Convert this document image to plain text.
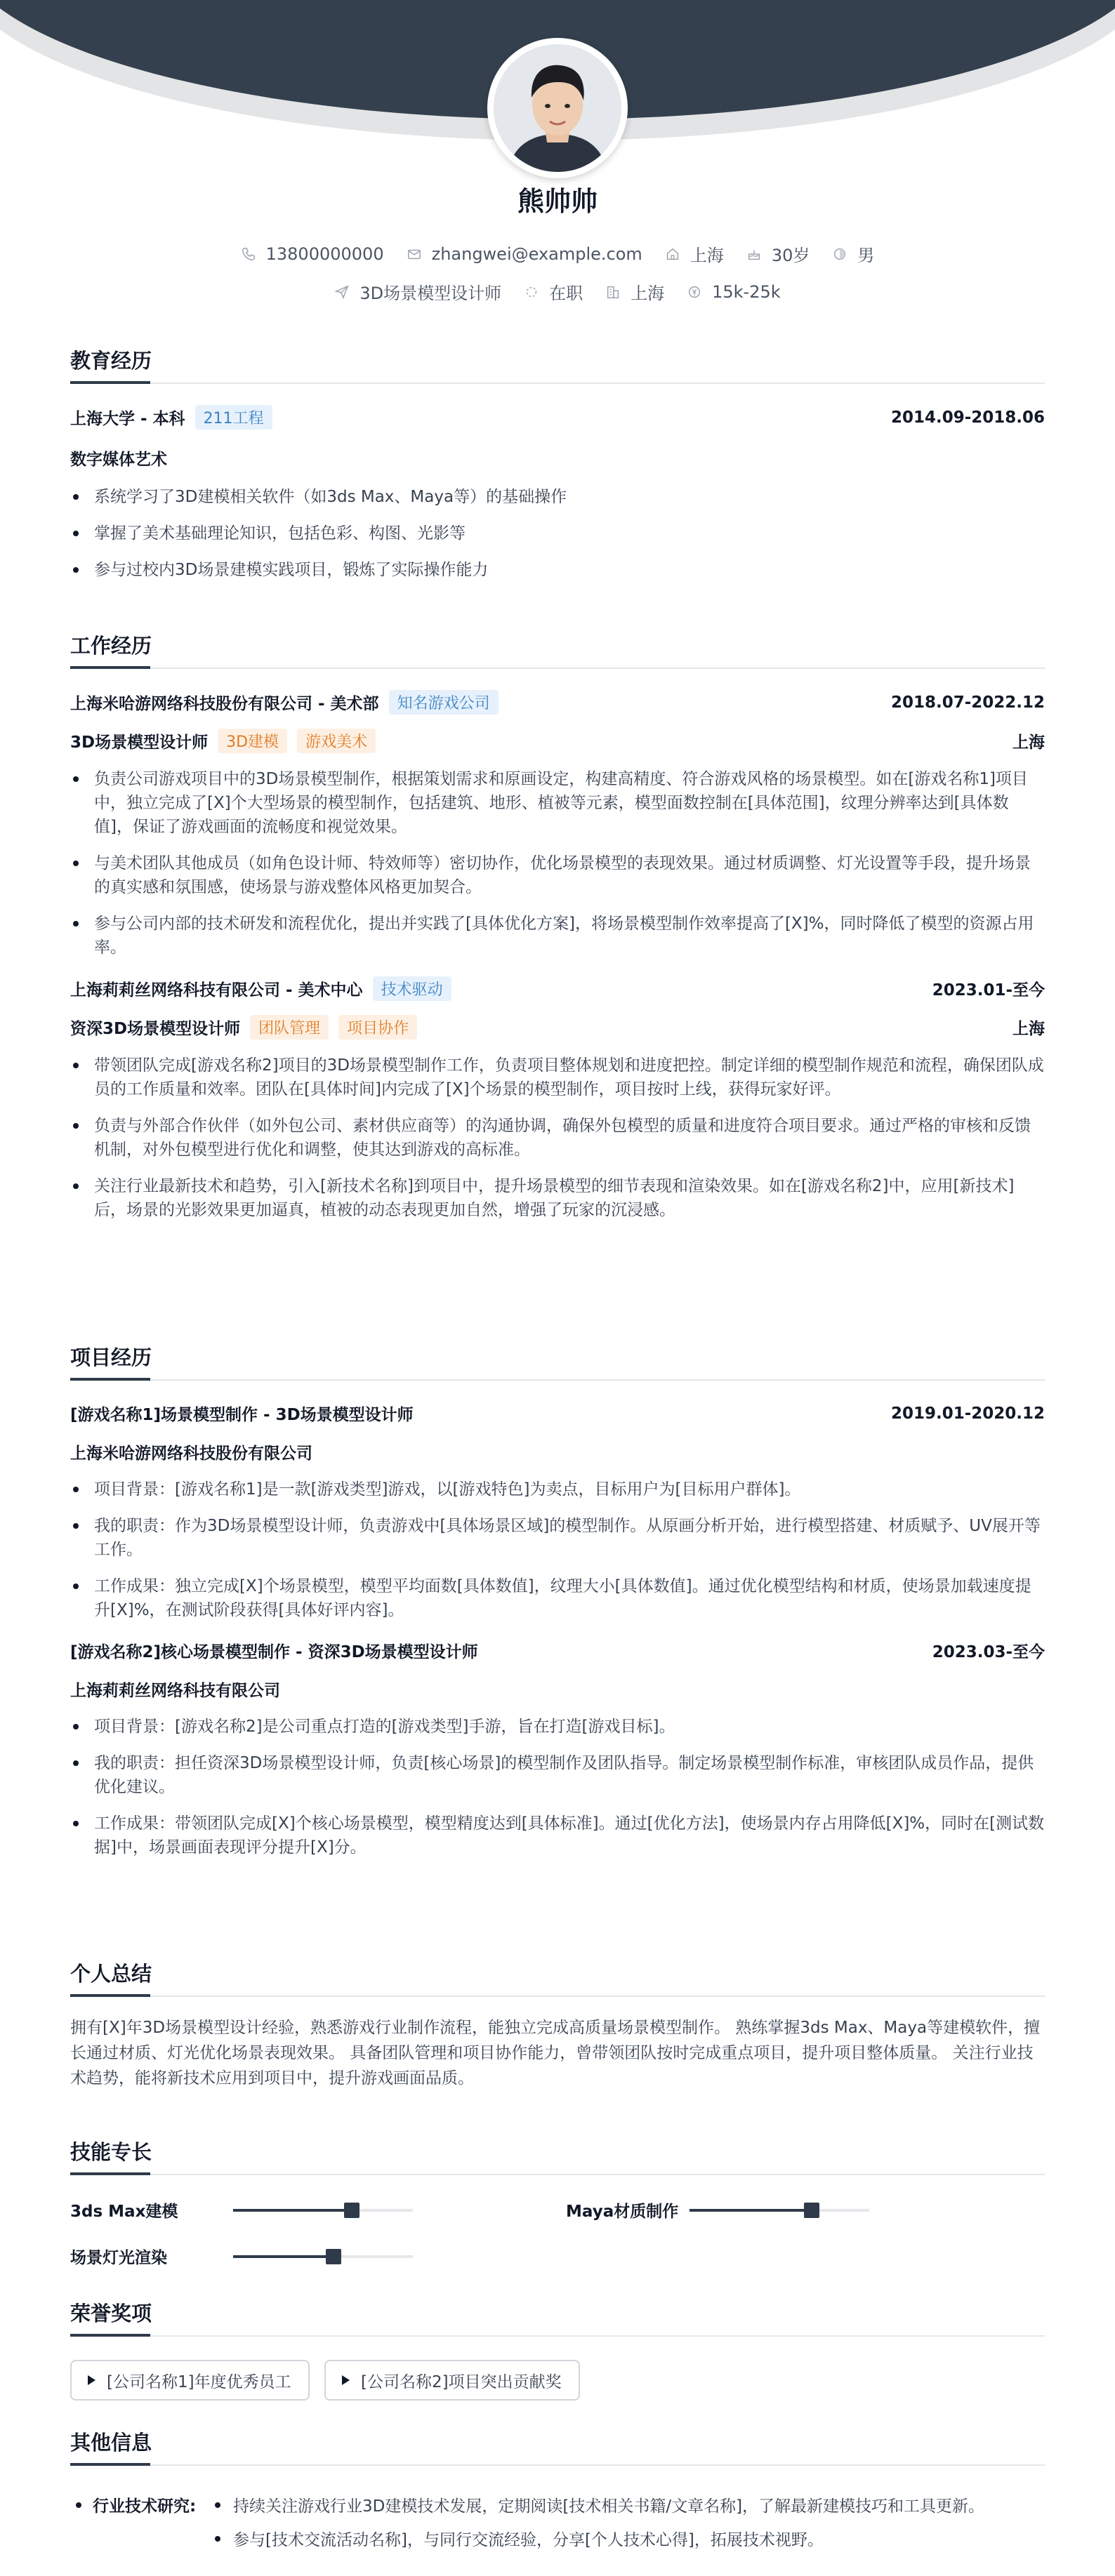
熊帅帅
13800000000	zhangwei@example.com	上海	30岁	男
3D场景模型设计师	在职	上海	15k-25k
教育经历
上海大学 - 本科	211工程	2014.09-2018.06
数字媒体艺术
系统学习了3D建模相关软件（如3ds Max、Maya等）的基础操作
掌握了美术基础理论知识，包括色彩、构图、光影等
参与过校内3D场景建模实践项目，锻炼了实际操作能力
工作经历
上海米哈游网络科技股份有限公司 - 美术部	知名游戏公司	2018.07-2022.12
3D场景模型设计师	3D建模	游戏美术	上海
负责公司游戏项目中的3D场景模型制作，根据策划需求和原画设定，构建高精度、符合游戏风格的场景模型。如在[游戏名称1]项目中，独立完成了[X]个大型场景的模型制作，包括建筑、地形、植被等元素，模型面数控制在[具体范围]，纹理分辨率达到[具体数值]，保证了游戏画面的流畅度和视觉效果。
与美术团队其他成员（如角色设计师、特效师等）密切协作，优化场景模型的表现效果。通过材质调整、灯光设置等手段，提升场景的真实感和氛围感，使场景与游戏整体风格更加契合。
参与公司内部的技术研发和流程优化，提出并实践了[具体优化方案]，将场景模型制作效率提高了[X]%，同时降低了模型的资源占用率。
上海莉莉丝网络科技有限公司 - 美术中心	技术驱动	2023.01-至今
资深3D场景模型设计师	团队管理	项目协作	上海
带领团队完成[游戏名称2]项目的3D场景模型制作工作，负责项目整体规划和进度把控。制定详细的模型制作规范和流程，确保团队成员的工作质量和效率。团队在[具体时间]内完成了[X]个场景的模型制作，项目按时上线，获得玩家好评。
负责与外部合作伙伴（如外包公司、素材供应商等）的沟通协调，确保外包模型的质量和进度符合项目要求。通过严格的审核和反馈机制，对外包模型进行优化和调整，使其达到游戏的高标准。
关注行业最新技术和趋势，引入[新技术名称]到项目中，提升场景模型的细节表现和渲染效果。如在[游戏名称2]中，应用[新技术]后，场景的光影效果更加逼真，植被的动态表现更加自然，增强了玩家的沉浸感。
项目经历
[游戏名称1]场景模型制作 - 3D场景模型设计师	2019.01-2020.12
上海米哈游网络科技股份有限公司
项目背景：[游戏名称1]是一款[游戏类型]游戏，以[游戏特色]为卖点，目标用户为[目标用户群体]。
我的职责：作为3D场景模型设计师，负责游戏中[具体场景区域]的模型制作。从原画分析开始，进行模型搭建、材质赋予、UV展开等工作。
工作成果：独立完成[X]个场景模型，模型平均面数[具体数值]，纹理大小[具体数值]。通过优化模型结构和材质，使场景加载速度提升[X]%，在测试阶段获得[具体好评内容]。
[游戏名称2]核心场景模型制作 - 资深3D场景模型设计师	2023.03-至今
上海莉莉丝网络科技有限公司
项目背景：[游戏名称2]是公司重点打造的[游戏类型]手游，旨在打造[游戏目标]。
我的职责：担任资深3D场景模型设计师，负责[核心场景]的模型制作及团队指导。制定场景模型制作标准，审核团队成员作品，提供优化建议。
工作成果：带领团队完成[X]个核心场景模型，模型精度达到[具体标准]。通过[优化方法]，使场景内存占用降低[X]%，同时在[测试数据]中，场景画面表现评分提升[X]分。
个人总结
拥有[X]年3D场景模型设计经验，熟悉游戏行业制作流程，能独立完成高质量场景模型制作。 熟练掌握3ds Max、Maya等建模软件，擅长通过材质、灯光优化场景表现效果。 具备团队管理和项目协作能力，曾带领团队按时完成重点项目，提升项目整体质量。 关注行业技术趋势，能将新技术应用到项目中，提升游戏画面品质。
技能专长
3ds Max建模	Maya材质制作
场景灯光渲染
荣誉奖项
[公司名称1]年度优秀员工	[公司名称2]项目突出贡献奖
其他信息
行业技术研究: 持续关注游戏行业3D建模技术发展，定期阅读[技术相关书籍/文章名称]，了解最新建模技巧和工具更新。
参与[技术交流活动名称]，与同行交流经验，分享[个人技术心得]，拓展技术视野。
